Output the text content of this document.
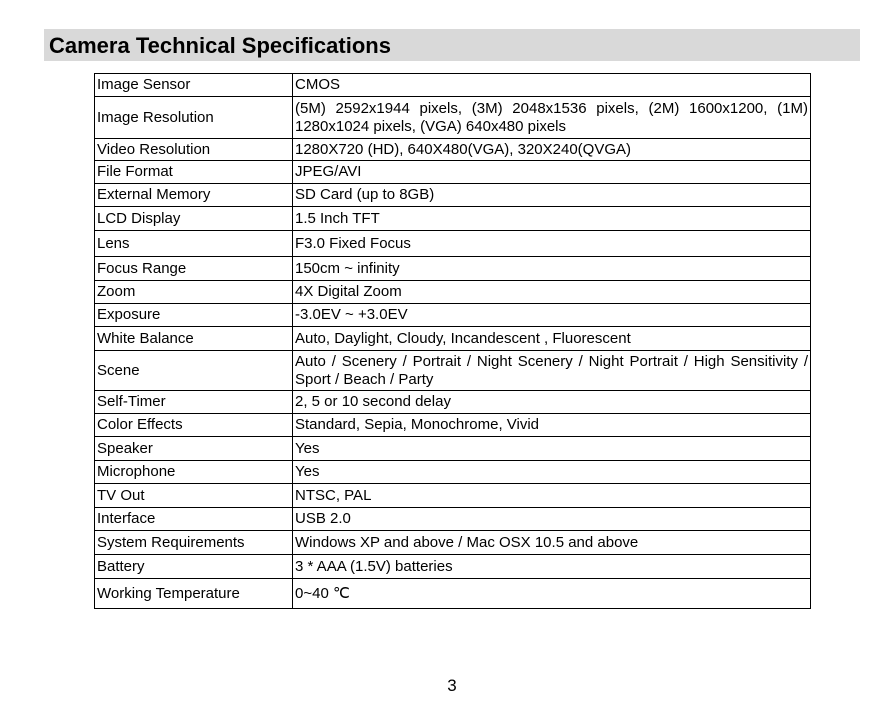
Camera Technical Specifications
Image Sensor	CMOS
Image Resolution	(5M) 2592x1944 pixels, (3M) 2048x1536 pixels, (2M) 1600x1200, (1M) 1280x1024 pixels, (VGA) 640x480 pixels
Video Resolution	1280X720 (HD), 640X480(VGA), 320X240(QVGA)
File Format	JPEG/AVI
External Memory	SD Card (up to 8GB)
LCD Display	1.5 Inch TFT
Lens	F3.0 Fixed Focus
Focus Range	150cm ~ infinity
Zoom	4X Digital Zoom
Exposure	-3.0EV ~ +3.0EV
White Balance	Auto, Daylight, Cloudy, Incandescent , Fluorescent
Scene	Auto / Scenery / Portrait / Night Scenery / Night Portrait / High Sensitivity / Sport / Beach / Party
Self-Timer	2, 5 or 10 second delay
Color Effects	Standard, Sepia, Monochrome, Vivid
Speaker	Yes
Microphone	Yes
TV Out	NTSC, PAL
Interface	USB 2.0
System Requirements	Windows XP and above / Mac OSX 10.5 and above
Battery	3 * AAA (1.5V) batteries
Working Temperature	0~40 ℃
3
